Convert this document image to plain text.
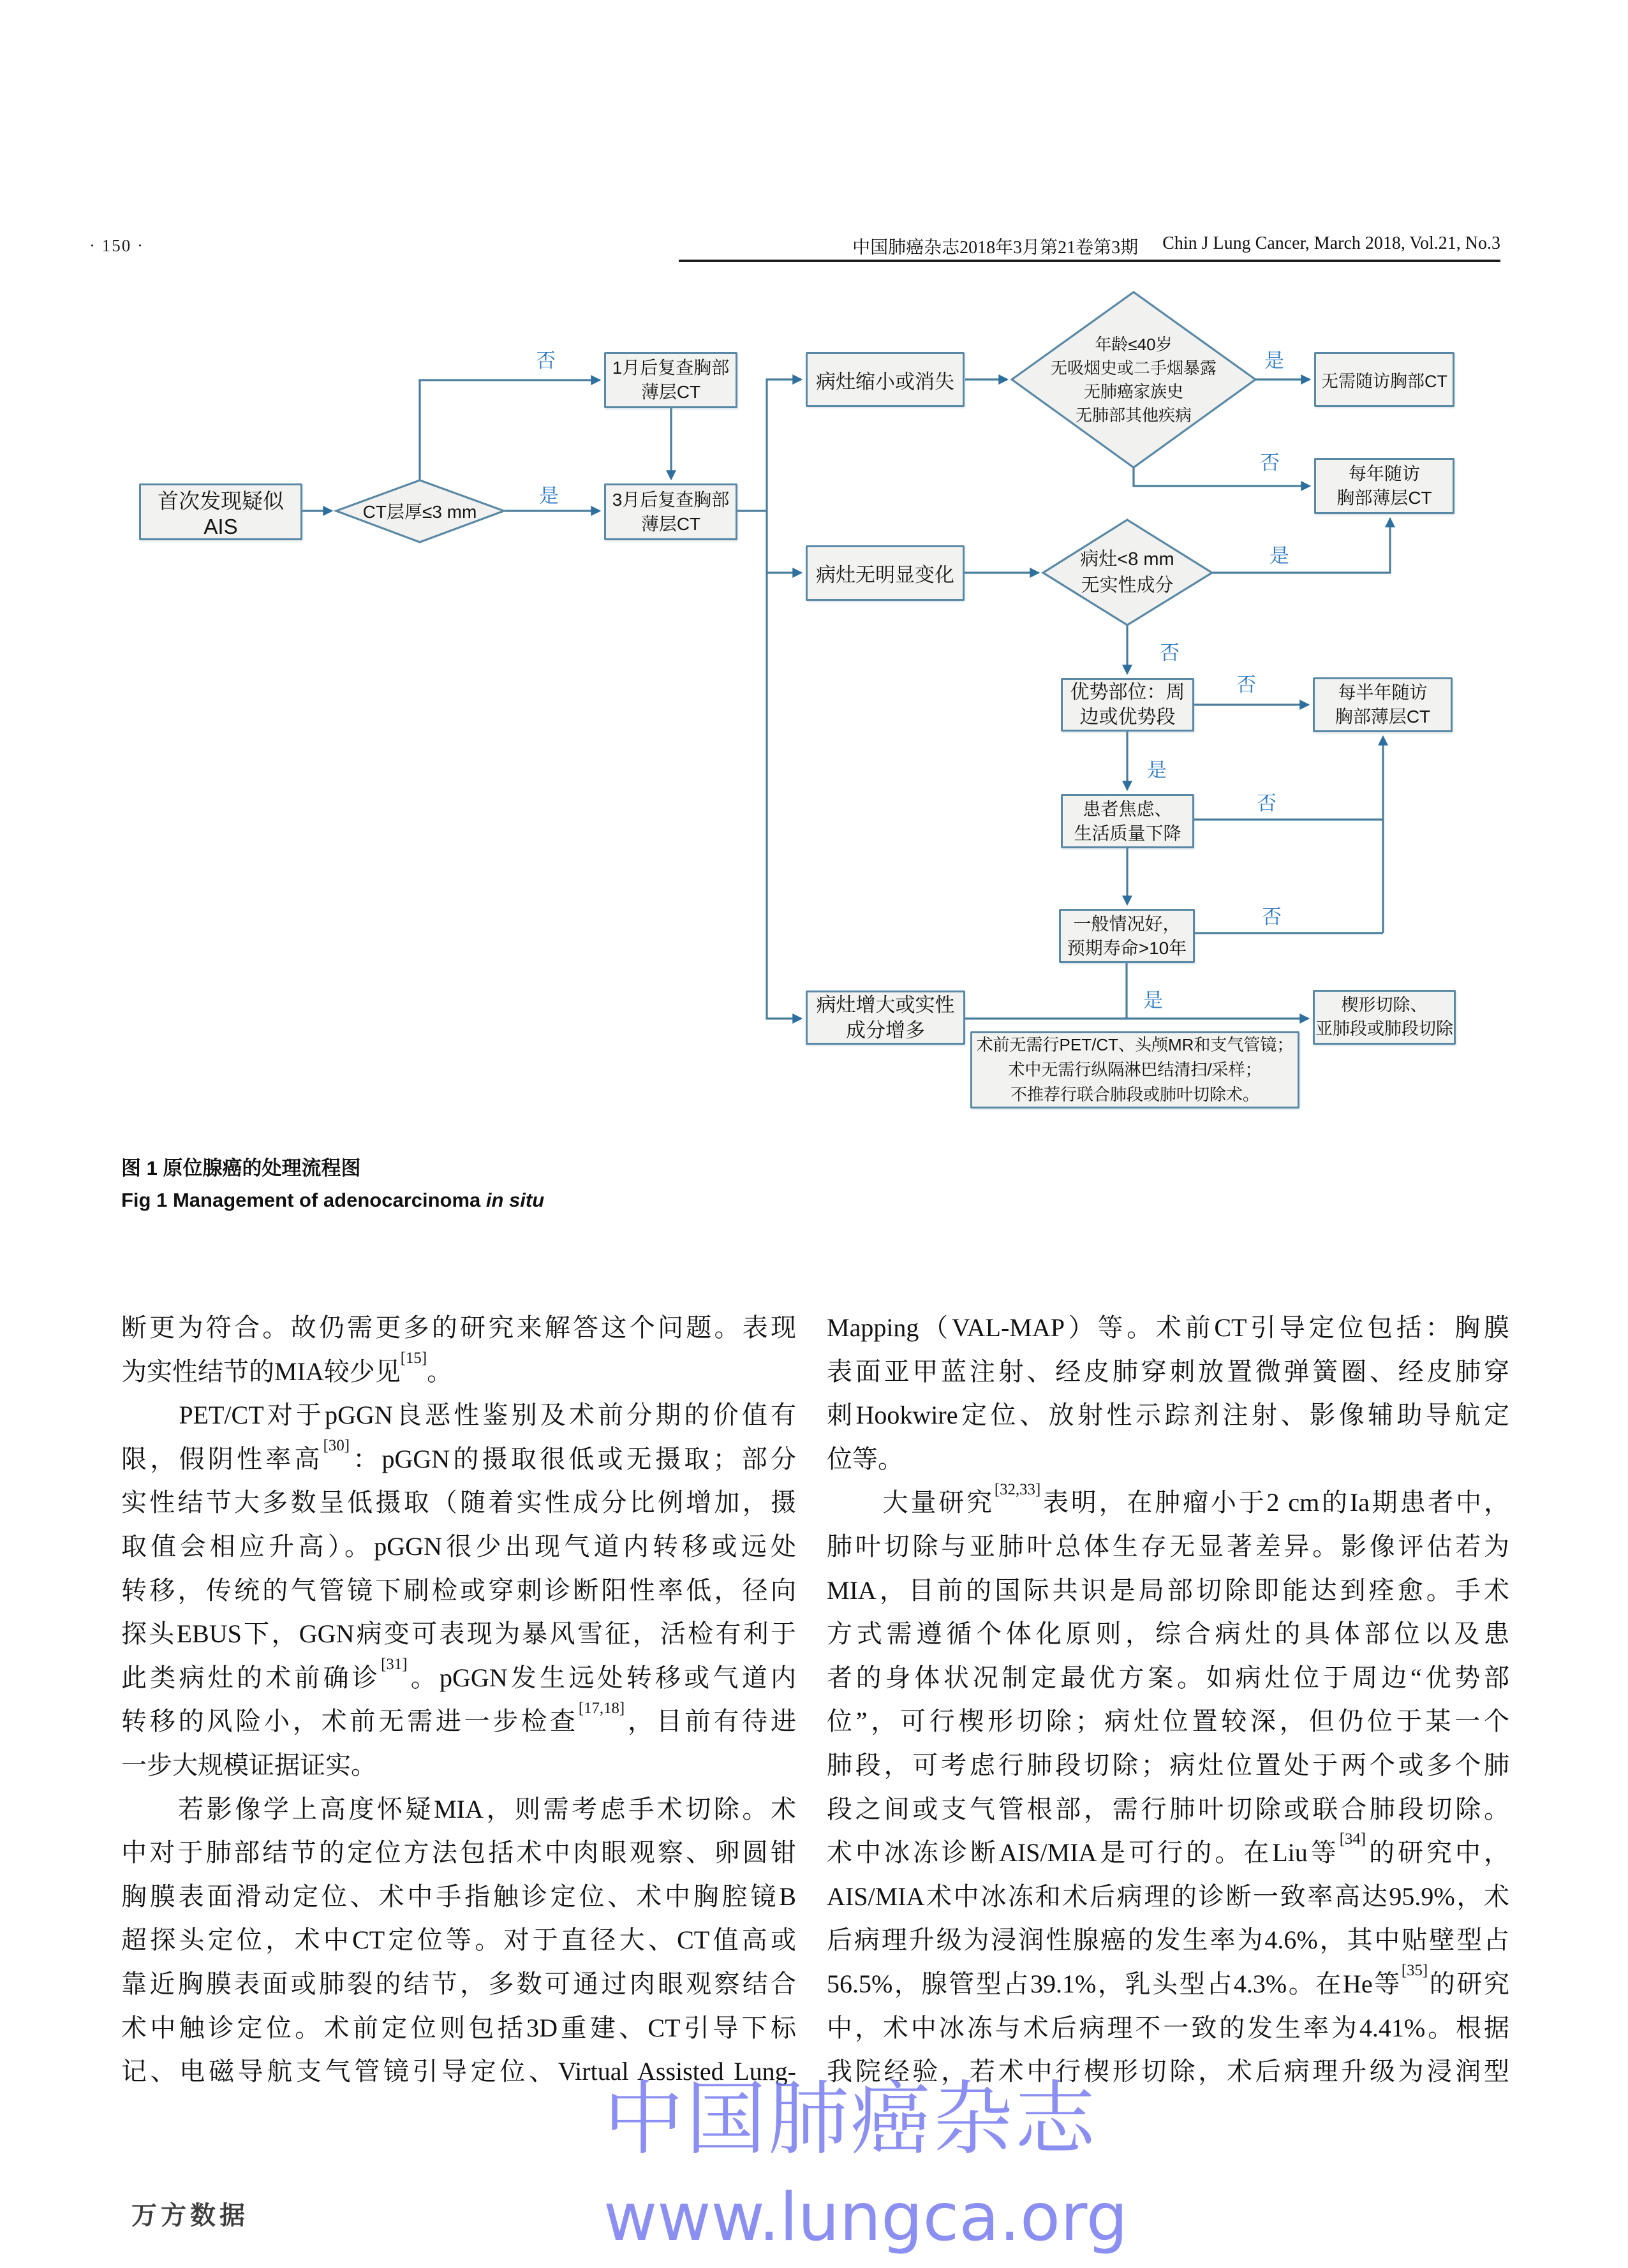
· 150 ·	中国肺癌杂志2018年3月第21卷第3期 Chin J Lung Cancer, March 2018, Vol.21, No.3
首次发现疑似AIS
1月后复查胸部
薄层CT
3月后复查胸部
薄层CT
病灶缩小或消失
病灶无明显变化
病灶增大或实性
成分增多
无需随访胸部CT
每年随访
胸部薄层CT
优势部位：周
边或优势段
每半年随访
胸部薄层CT
患者焦虑、
生活质量下降
一般情况好，
预期寿命>10年
楔形切除、
亚肺段或肺段切除
术前无需行PET/CT、头颅MR和支气管镜；
术中无需行纵隔淋巴结清扫/采样；
不推荐行联合肺段或肺叶切除术。
CT层厚≤3 mm
年龄≤40岁
无吸烟史或二手烟暴露
无肺癌家族史
无肺部其他疾病
病灶<8 mm
无实性成分
否
是
是
否
是
否
否
是
否
否
是
图 1 原位腺癌的处理流程图
Fig 1 Management of adenocarcinoma in situ
断更为符合。故仍需更多的研究来解答这个问题。表现
为实性结节的MIA较少见[15]。
　　PET/CT对于pGGN良恶性鉴别及术前分期的价值有
限，假阴性率高[30]：pGGN的摄取很低或无摄取；部分
实性结节大多数呈低摄取（随着实性成分比例增加，摄
取值会相应升高）。pGGN很少出现气道内转移或远处
转移，传统的气管镜下刷检或穿刺诊断阳性率低，径向
探头EBUS下，GGN病变可表现为暴风雪征，活检有利于
此类病灶的术前确诊[31]。pGGN发生远处转移或气道内
转移的风险小，术前无需进一步检查[17,18]，目前有待进
一步大规模证据证实。
　　若影像学上高度怀疑MIA，则需考虑手术切除。术
中对于肺部结节的定位方法包括术中肉眼观察、卵圆钳
胸膜表面滑动定位、术中手指触诊定位、术中胸腔镜B
超探头定位，术中CT定位等。对于直径大、CT值高或
靠近胸膜表面或肺裂的结节，多数可通过肉眼观察结合
术中触诊定位。术前定位则包括3D重建、CT引导下标
记、电磁导航支气管镜引导定位、Virtual Assisted Lung-
Mapping（VAL-MAP）等。术前CT引导定位包括：胸膜
表面亚甲蓝注射、经皮肺穿刺放置微弹簧圈、经皮肺穿
刺Hookwire定位、放射性示踪剂注射、影像辅助导航定
位等。
　　大量研究[32,33]表明，在肿瘤小于2 cm的Ia期患者中，
肺叶切除与亚肺叶总体生存无显著差异。影像评估若为
MIA，目前的国际共识是局部切除即能达到痊愈。手术
方式需遵循个体化原则，综合病灶的具体部位以及患
者的身体状况制定最优方案。如病灶位于周边“优势部
位”，可行楔形切除；病灶位置较深，但仍位于某一个
肺段，可考虑行肺段切除；病灶位置处于两个或多个肺
段之间或支气管根部，需行肺叶切除或联合肺段切除。
术中冰冻诊断AIS/MIA是可行的。在Liu等[34]的研究中，
AIS/MIA术中冰冻和术后病理的诊断一致率高达95.9%，术
后病理升级为浸润性腺癌的发生率为4.6%，其中贴壁型占
56.5%，腺管型占39.1%，乳头型占4.3%。在He等[35]的研究
中，术中冰冻与术后病理不一致的发生率为4.41%。根据
我院经验，若术中行楔形切除，术后病理升级为浸润型
中国肺癌杂志
www.lungca.org
万方数据
